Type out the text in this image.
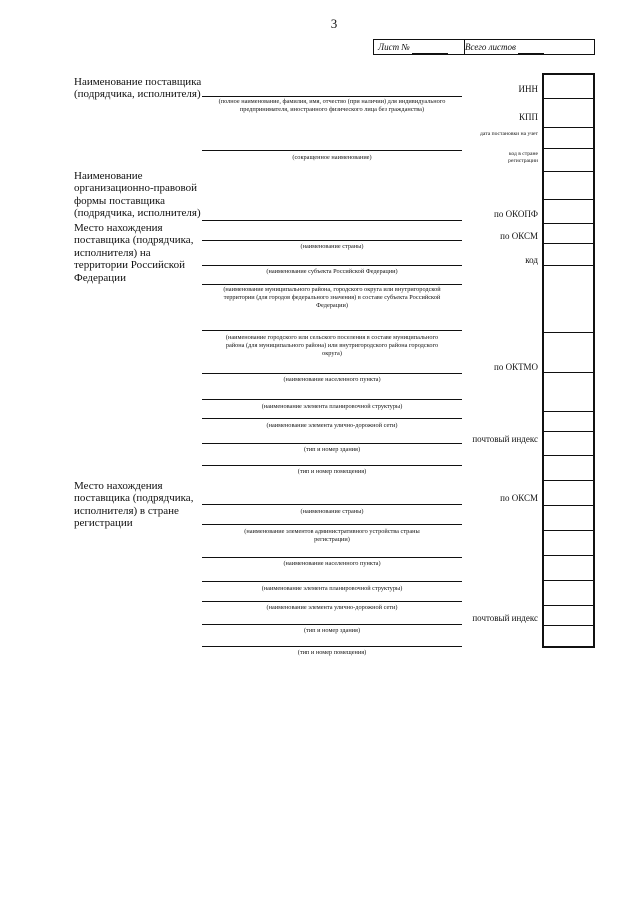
3
Лист №	Всего листов
Наименование поставщика (подрядчика, исполнителя)
(полное наименование, фамилия, имя, отчество (при наличии) для индивидуального предпринимателя, иностранного физического лица без гражданства)
(сокращенное наименование)
Наименование организационно-правовой формы поставщика (подрядчика, исполнителя)
Место нахождения поставщика (подрядчика, исполнителя) на территории Российской Федерации
(наименование страны)
(наименование субъекта Российской Федерации)
(наименование муниципального района, городского округа или внутригородской территории (для городов федерального значения) в составе субъекта Российской Федерации)
(наименование городского или сельского поселения в составе муниципального района (для муниципального района) или внутригородского района городского округа)
(наименование населенного пункта)
(наименование элемента планировочной структуры)
(наименование элемента улично-дорожной сети)
(тип и номер здания)
(тип и номер помещения)
Место нахождения поставщика (подрядчика, исполнителя) в стране регистрации
(наименование страны)
(наименование элементов административного устройства страны регистрации)
(наименование населенного пункта)
(наименование элемента планировочной структуры)
(наименование элемента улично-дорожной сети)
(тип и номер здания)
(тип и номер помещения)
ИНН
КПП
дата постановки на учет
код в стране регистрации
по ОКОПФ
по ОКСМ
код
по ОКТМО
почтовый индекс
по ОКСМ
почтовый индекс
